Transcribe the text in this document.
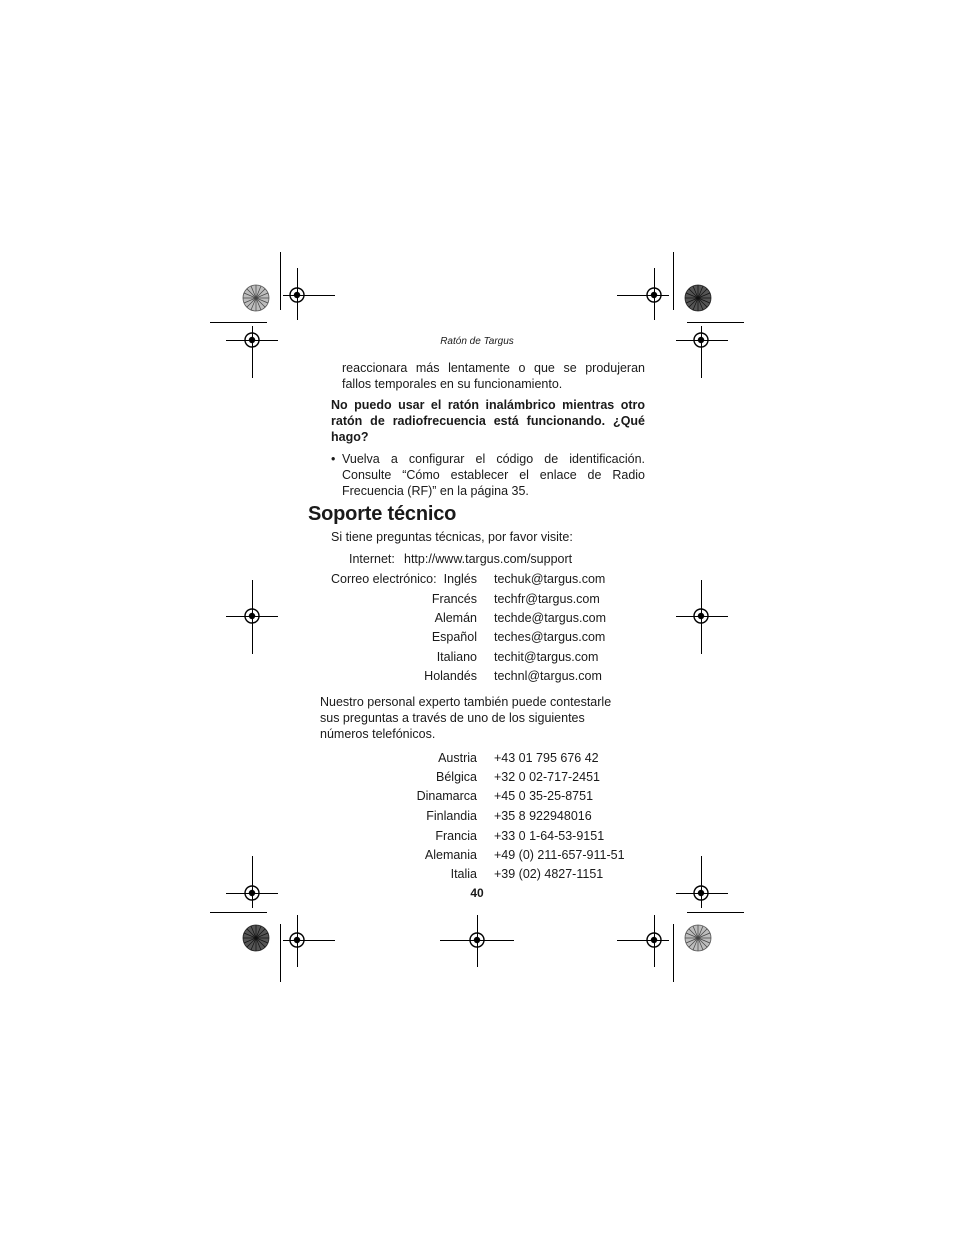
Ratón de Targus
reaccionara más lentamente o que se produjeran fallos temporales en su funcionamiento.
No puedo usar el ratón inalámbrico mientras otro ratón de radiofrecuencia está funcionando. ¿Qué hago?
• Vuelva a configurar el código de identificación. Consulte “Cómo establecer el enlace de Radio Frecuencia (RF)” en la página 35.
Soporte técnico
Si tiene preguntas técnicas, por favor visite:
Internet: http://www.targus.com/support
Correo electrónico: Inglés techuk@targus.com
Francés techfr@targus.com
Alemán techde@targus.com
Español teches@targus.com
Italiano techit@targus.com
Holandés technl@targus.com
Nuestro personal experto también puede contestarle sus preguntas a través de uno de los siguientes números telefónicos.
Austria +43 01 795 676 42
Bélgica +32 0 02-717-2451
Dinamarca +45 0 35-25-8751
Finlandia +35 8 922948016
Francia +33 0 1-64-53-9151
Alemania +49 (0) 211-657-911-51
Italia +39 (02) 4827-1151
40
